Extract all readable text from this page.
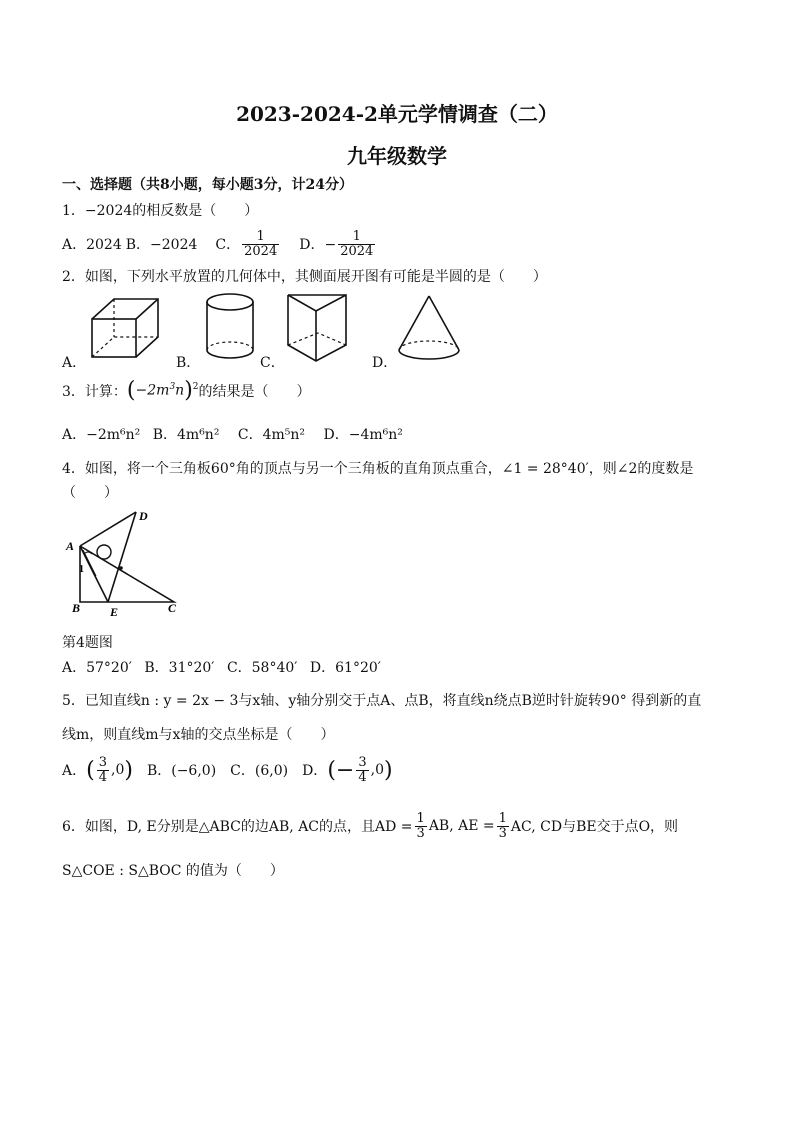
2023-2024-2单元学情调查（二）
九年级数学
一、选择题（共8小题，每小题3分，计24分）
1．−2024的相反数是（　　）
A．2024 B．−2024 C． $\frac{1}{2024}$ D．− $\frac{1}{2024}$
2．如图，下列水平放置的几何体中，其侧面展开图有可能是半圆的是（　　）
A．	B．	C．	D．
3．计算： $(-2m^3n)^2$ 的结果是（　　）
A．−2m⁶n² B．4m⁶n² C．4m⁵n² D．−4m⁶n²
4．如图，将一个三角板60°角的顶点与另一个三角板的直角顶点重合，∠1 = 28°40′，则∠2的度数是
（　　）
A
B	C
D
E
1
第4题图
A．57°20′ B．31°20′ C．58°40′ D．61°20′
5．已知直线n : y = 2x − 3与x轴、y轴分别交于点A、点B，将直线n绕点B逆时针旋转90° 得到新的直
线m，则直线m与x轴的交点坐标是（　　）
A． ( $\frac{3}{4} ,0$ ) B．(−6,0) C．(6,0) D． (− $\frac{3}{4} ,0$ )
6．如图，D, E分别是△ABC的边AB, AC的点，且AD = $\frac{1}{3}$ AB, AE = $\frac{1}{3}$ AC, CD与BE交于点O，则
S△COE : S△BOC 的值为（　　）
